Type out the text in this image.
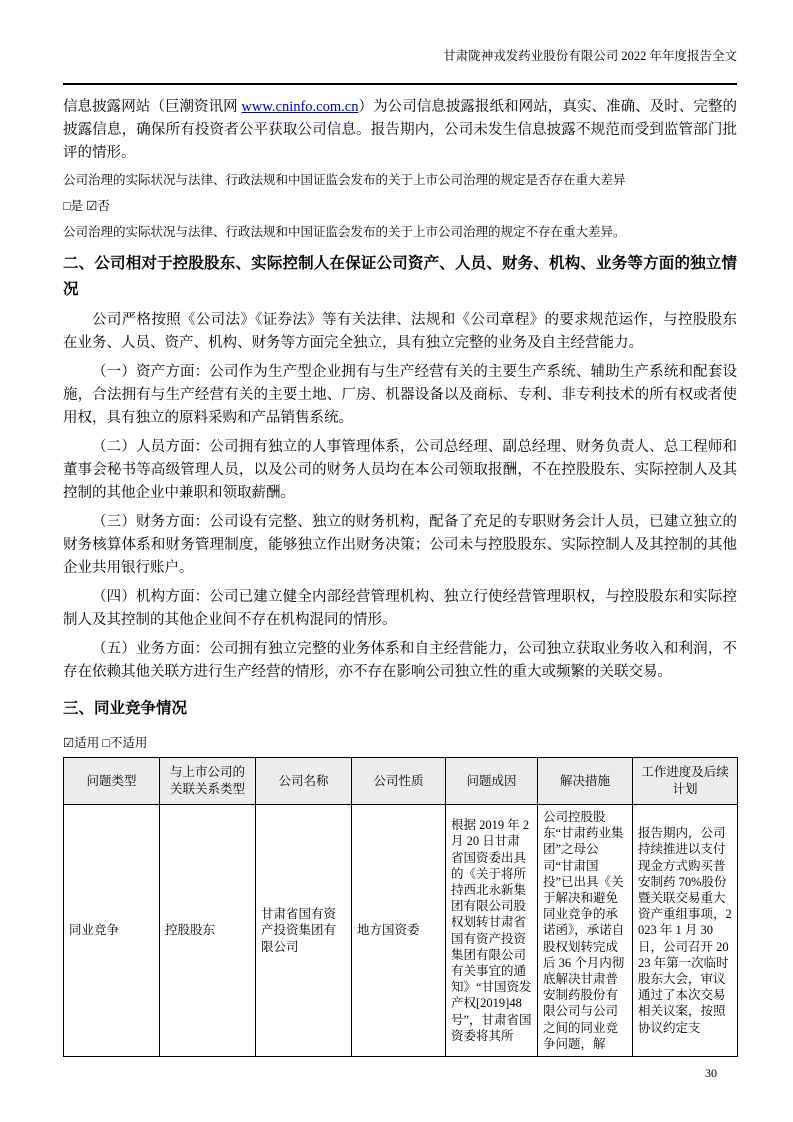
甘肃陇神戎发药业股份有限公司 2022 年年度报告全文

信息披露网站（巨潮资讯网 www.cninfo.com.cn）为公司信息披露报纸和网站，真实、准确、及时、完整的披露信息，确保所有投资者公平获取公司信息。报告期内，公司未发生信息披露不规范而受到监管部门批评的情形。

公司治理的实际状况与法律、行政法规和中国证监会发布的关于上市公司治理的规定是否存在重大差异

□是 ☑否

公司治理的实际状况与法律、行政法规和中国证监会发布的关于上市公司治理的规定不存在重大差异。

二、公司相对于控股股东、实际控制人在保证公司资产、人员、财务、机构、业务等方面的独立情况

公司严格按照《公司法》《证券法》等有关法律、法规和《公司章程》的要求规范运作，与控股股东在业务、人员、资产、机构、财务等方面完全独立，具有独立完整的业务及自主经营能力。

（一）资产方面：公司作为生产型企业拥有与生产经营有关的主要生产系统、辅助生产系统和配套设施，合法拥有与生产经营有关的主要土地、厂房、机器设备以及商标、专利、非专利技术的所有权或者使用权，具有独立的原料采购和产品销售系统。

（二）人员方面：公司拥有独立的人事管理体系，公司总经理、副总经理、财务负责人、总工程师和董事会秘书等高级管理人员，以及公司的财务人员均在本公司领取报酬，不在控股股东、实际控制人及其控制的其他企业中兼职和领取薪酬。

（三）财务方面：公司设有完整、独立的财务机构，配备了充足的专职财务会计人员，已建立独立的财务核算体系和财务管理制度，能够独立作出财务决策；公司未与控股股东、实际控制人及其控制的其他企业共用银行账户。

（四）机构方面：公司已建立健全内部经营管理机构、独立行使经营管理职权，与控股股东和实际控制人及其控制的其他企业间不存在机构混同的情形。

（五）业务方面：公司拥有独立完整的业务体系和自主经营能力，公司独立获取业务收入和利润，不存在依赖其他关联方进行生产经营的情形，亦不存在影响公司独立性的重大或频繁的关联交易。

三、同业竞争情况

☑适用 □不适用

问题类型	与上市公司的关联关系类型	公司名称	公司性质	问题成因	解决措施	工作进度及后续计划
同业竞争	控股股东	甘肃省国有资产投资集团有限公司	地方国资委	根据 2019 年 2 月 20 日甘肃省国资委出具的《关于将所持西北永新集团有限公司股权划转甘肃省国有资产投资集团有限公司有关事宜的通知》“甘国资发产权[2019]48 号”，甘肃省国资委将其所	公司控股股东“甘肃药业集团”之母公司“甘肃国投”已出具《关于解决和避免同业竞争的承诺函》，承诺自股权划转完成后 36 个月内彻底解决甘肃普安制药股份有限公司与公司之间的同业竞争问题，解	报告期内，公司持续推进以支付现金方式购买普安制药 70%股份暨关联交易重大资产重组事项，2023 年 1 月 30 日，公司召开 2023 年第一次临时股东大会，审议通过了本次交易相关议案，按照协议约定支
30
